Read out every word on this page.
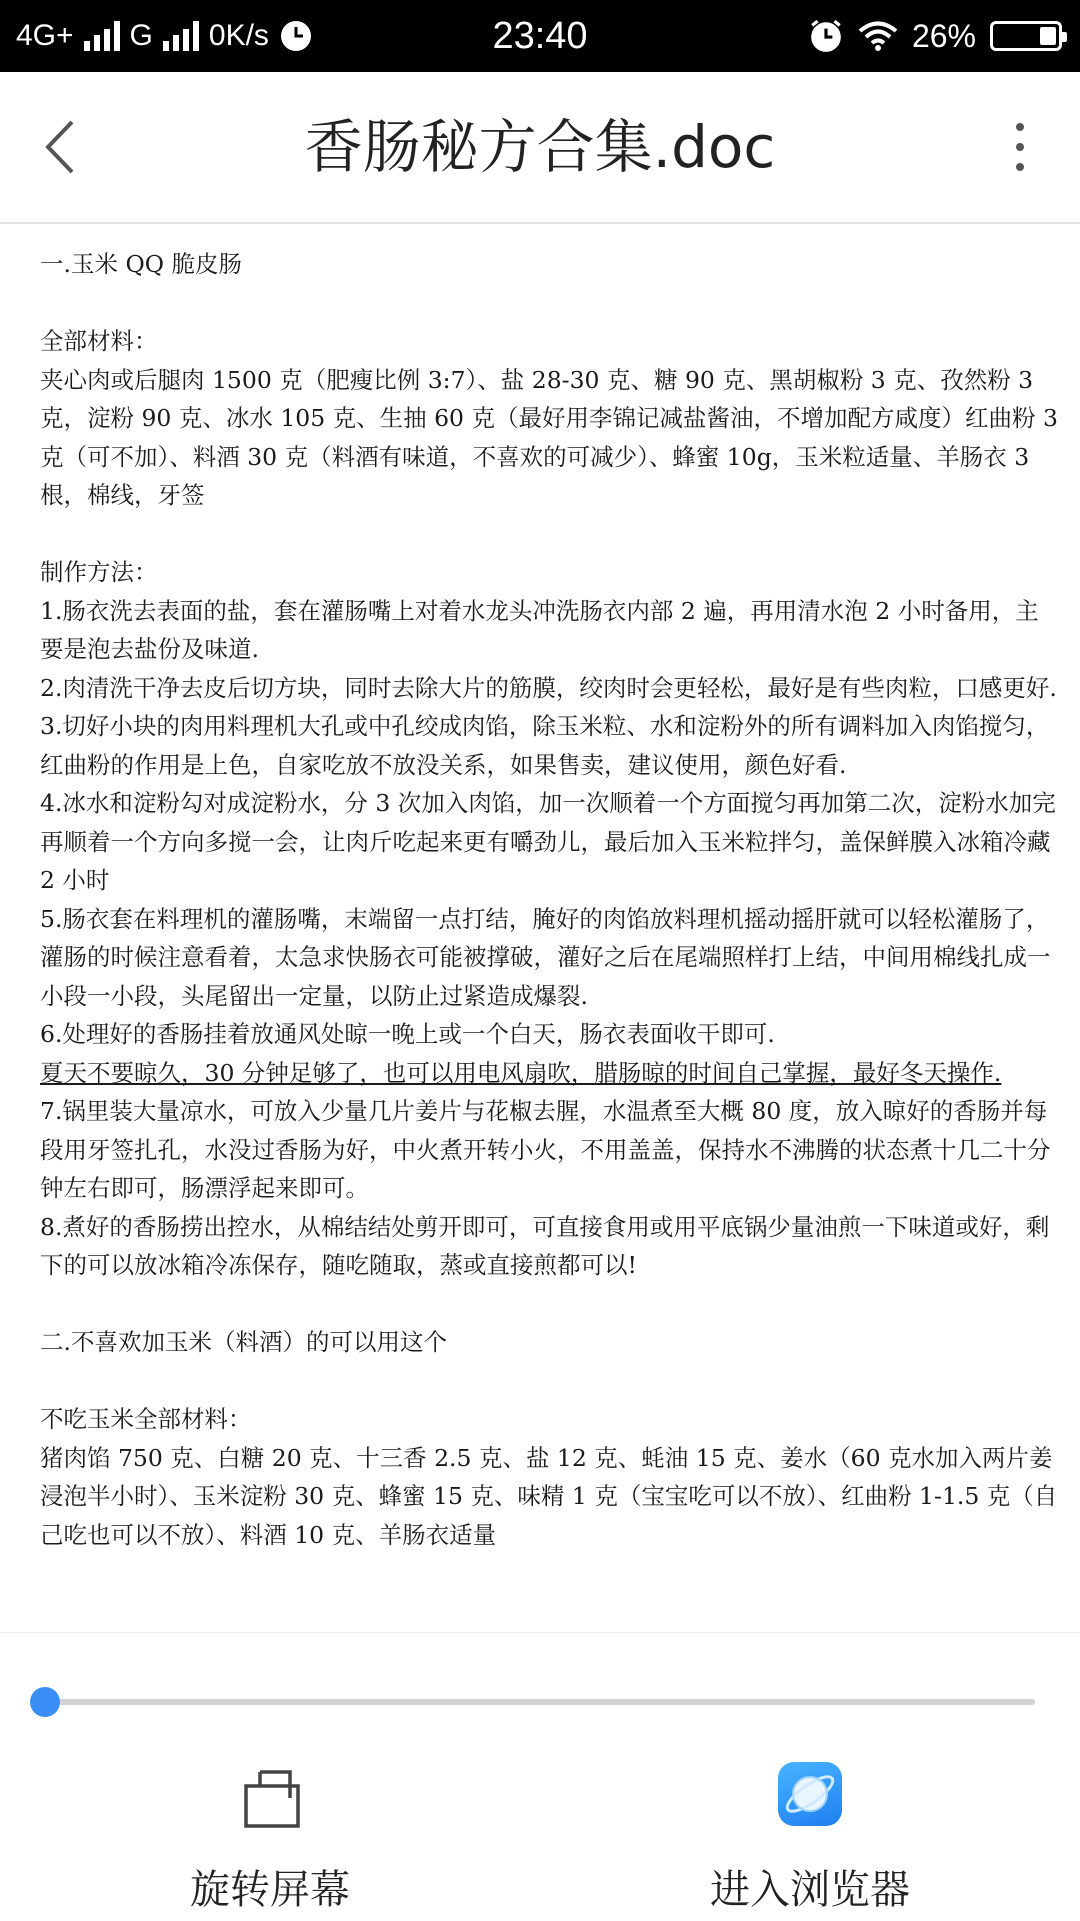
4G+ G 0K/s	23:40	26%
香肠秘方合集.doc

一.玉米 QQ 脆皮肠

全部材料：

夹心肉或后腿肉 1500 克（肥瘦比例 3:7）、盐 28-30 克、糖 90 克、黑胡椒粉 3 克、孜然粉 3 克，淀粉 90 克、冰水 105 克、生抽 60 克（最好用李锦记减盐酱油，不增加配方咸度）红曲粉 3 克（可不加）、料酒 30 克（料酒有味道，不喜欢的可减少）、蜂蜜 10g，玉米粒适量、羊肠衣 3 根，棉线，牙签

制作方法：

1.肠衣洗去表面的盐，套在灌肠嘴上对着水龙头冲洗肠衣内部 2 遍，再用清水泡 2 小时备用，主要是泡去盐份及味道.

2.肉清洗干净去皮后切方块，同时去除大片的筋膜，绞肉时会更轻松，最好是有些肉粒，口感更好.

3.切好小块的肉用料理机大孔或中孔绞成肉馅，除玉米粒、水和淀粉外的所有调料加入肉馅搅匀，红曲粉的作用是上色，自家吃放不放没关系，如果售卖，建议使用，颜色好看.

4.冰水和淀粉勾对成淀粉水，分 3 次加入肉馅，加一次顺着一个方面搅匀再加第二次，淀粉水加完再顺着一个方向多搅一会，让肉斤吃起来更有嚼劲儿，最后加入玉米粒拌匀，盖保鲜膜入冰箱冷藏 2 小时

5.肠衣套在料理机的灌肠嘴，末端留一点打结，腌好的肉馅放料理机摇动摇肝就可以轻松灌肠了，灌肠的时候注意看着，太急求快肠衣可能被撑破，灌好之后在尾端照样打上结，中间用棉线扎成一小段一小段，头尾留出一定量，以防止过紧造成爆裂.

6.处理好的香肠挂着放通风处晾一晚上或一个白天，肠衣表面收干即可.

夏天不要晾久，30 分钟足够了，也可以用电风扇吹，腊肠晾的时间自己掌握，最好冬天操作.

7.锅里装大量凉水，可放入少量几片姜片与花椒去腥，水温煮至大概 80 度，放入晾好的香肠并每段用牙签扎孔，水没过香肠为好，中火煮开转小火，不用盖盖，保持水不沸腾的状态煮十几二十分钟左右即可，肠漂浮起来即可。

8.煮好的香肠捞出控水，从棉结结处剪开即可，可直接食用或用平底锅少量油煎一下味道或好，剩下的可以放冰箱冷冻保存，随吃随取，蒸或直接煎都可以!

二.不喜欢加玉米（料酒）的可以用这个

不吃玉米全部材料：

猪肉馅 750 克、白糖 20 克、十三香 2.5 克、盐 12 克、蚝油 15 克、姜水（60 克水加入两片姜浸泡半小时）、玉米淀粉 30 克、蜂蜜 15 克、味精 1 克（宝宝吃可以不放）、红曲粉 1-1.5 克（自己吃也可以不放）、料酒 10 克、羊肠衣适量

旋转屏幕	进入浏览器
